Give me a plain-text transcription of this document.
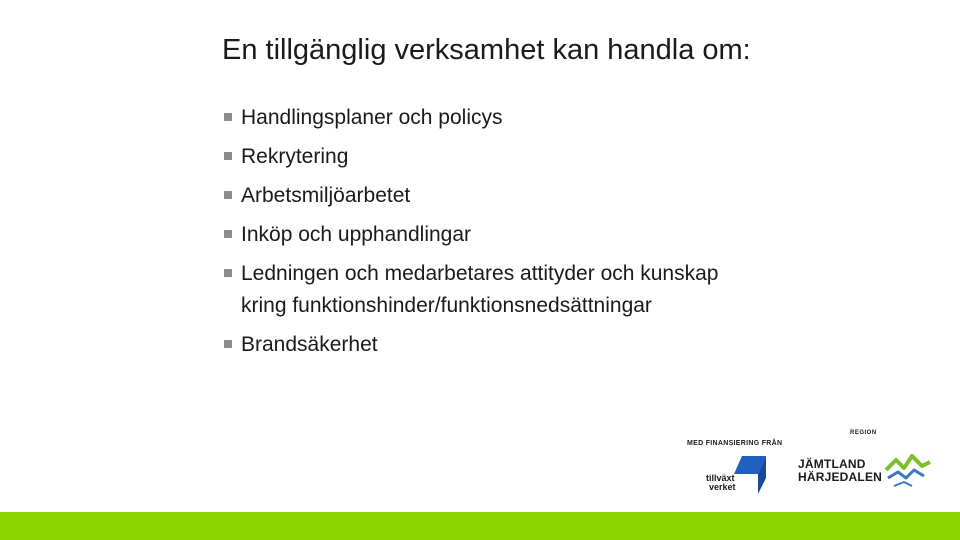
En tillgänglig verksamhet kan handla om:
Handlingsplaner och policys
Rekrytering
Arbetsmiljöarbetet
Inköp och upphandlingar
Ledningen och medarbetares attityder och kunskap kring funktionshinder/funktionsnedsättningar
Brandsäkerhet
MED FINANSIERING FRÅN
tillväxt
verket
REGION
JÄMTLAND
HÄRJEDALEN
